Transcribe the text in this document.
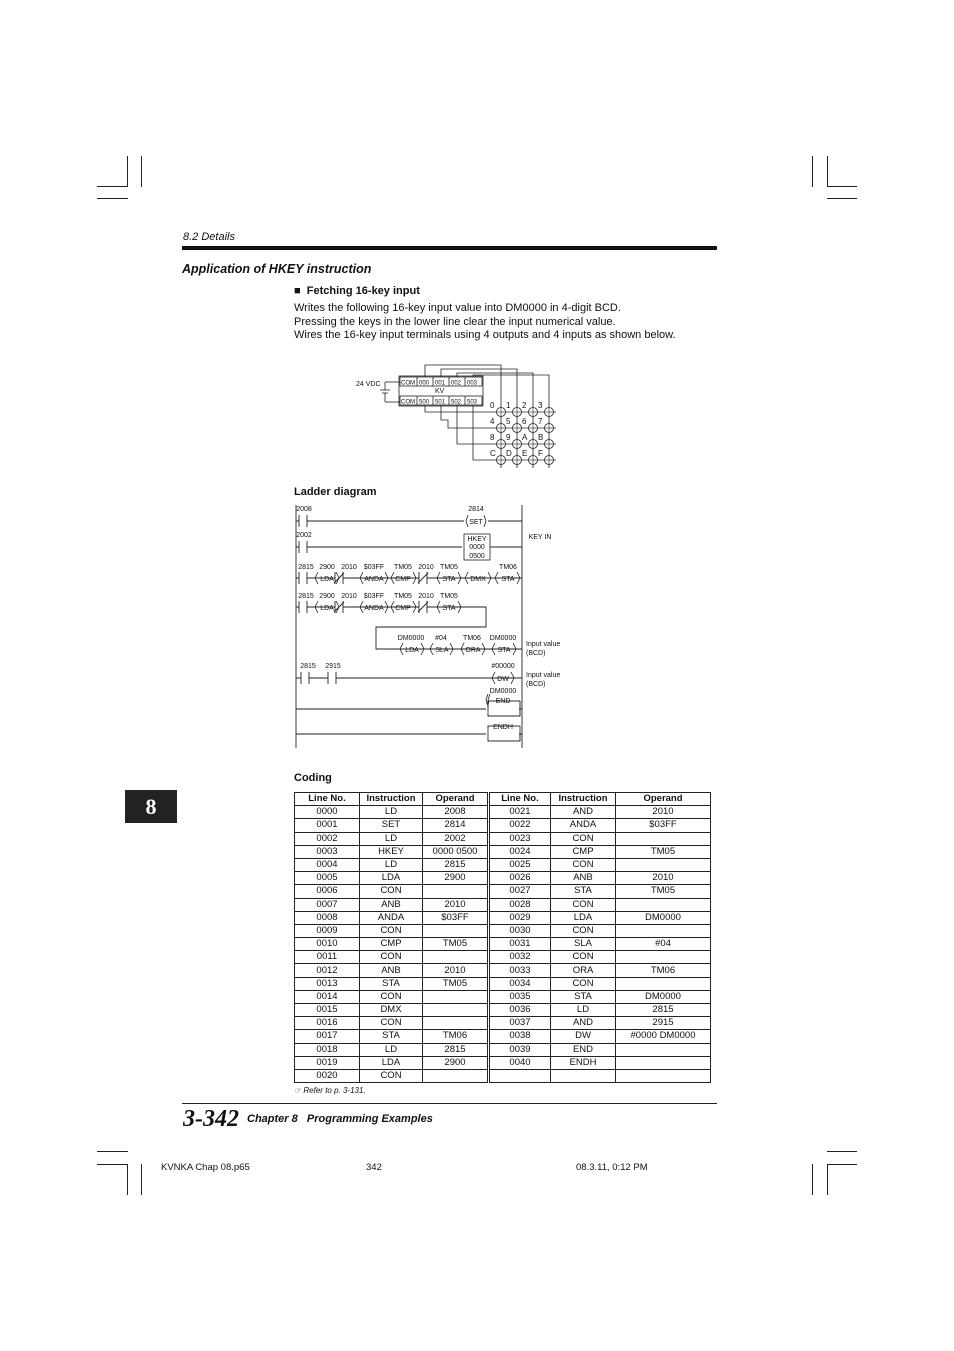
8.2 Details
Application of HKEY instruction
■ Fetching 16-key input
Writes the following 16-key input value into DM0000 in 4-digit BCD.
Pressing the keys in the lower line clear the input numerical value.
Wires the 16-key input terminals using 4 outputs and 4 inputs as shown below.
24 VDC
KV
COM 000 001 002 003
COM 500 501 502 503 0 1 2 3
4 5 6 7
8 9 A B
C D E F
Ladder diagram
2008	2814
SET
2002
HKEY
0000
0500
KEY IN
2815 2900 2010 $03FF TM05 2010 TM05	TM06
LDA	ANDA CMP	STA DMX STA
2815 2900 2010 $03FF TM05 2010 TM05
LDA	ANDA CMP	STA
DM0000 #04 TM06 DM0000
LDA SLA ORA STA
2815 2915	#00000
DW
DM0000
END
ENDH
Input value
(BCD)
Input value
(BCD)
8
Coding
Line No.	Instruction	Operand	Line No.	Instruction	Operand
0000	LD	2008	0021	AND	2010
0001	SET	2814	0022	ANDA	$03FF
0002	LD	2002	0023	CON	
0003	HKEY	0000 0500	0024	CMP	TM05
0004	LD	2815	0025	CON	
0005	LDA	2900	0026	ANB	2010
0006	CON		0027	STA	TM05
0007	ANB	2010	0028	CON	
0008	ANDA	$03FF	0029	LDA	DM0000
0009	CON		0030	CON	
0010	CMP	TM05	0031	SLA	#04
0011	CON		0032	CON	
0012	ANB	2010	0033	ORA	TM06
0013	STA	TM05	0034	CON	
0014	CON		0035	STA	DM0000
0015	DMX		0036	LD	2815
0016	CON		0037	AND	2915
0017	STA	TM06	0038	DW	#0000 DM0000
0018	LD	2815	0039	END	
0019	LDA	2900	0040	ENDH	
0020	CON				
☞ Refer to p. 3-131.
3-342 Chapter 8   Programming Examples
KVNKA Chap 08.p65	342	08.3.11, 0:12 PM
